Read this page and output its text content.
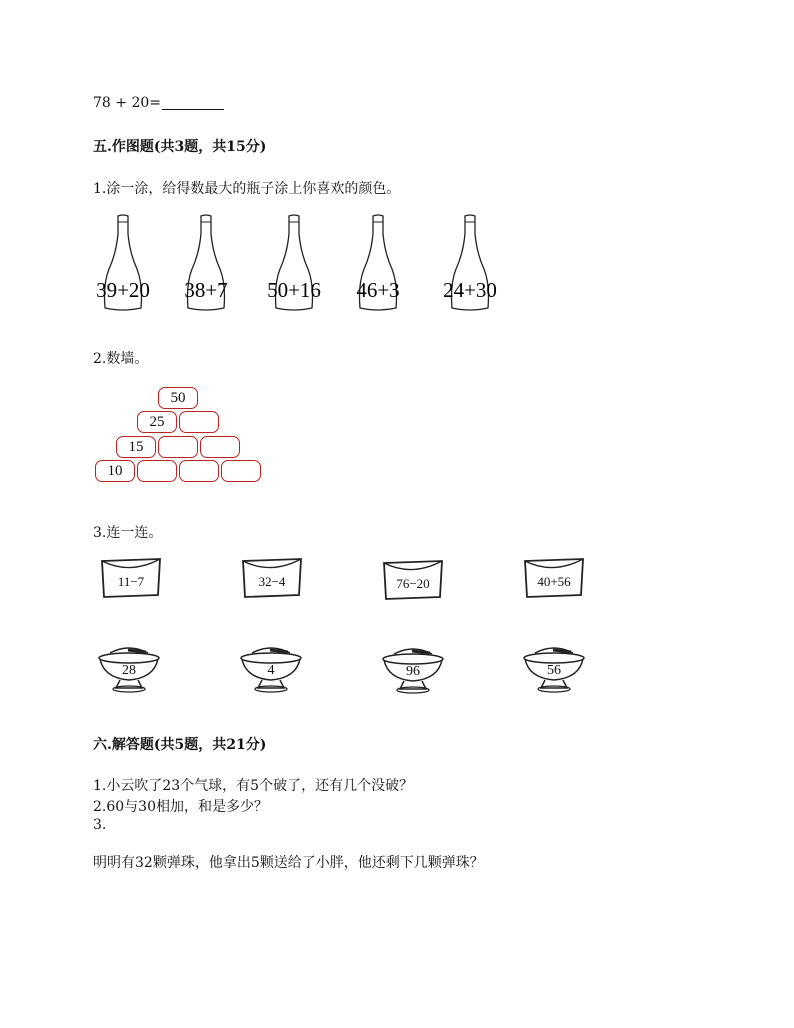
78 + 20=
五.作图题(共3题，共15分)
1.涂一涂，给得数最大的瓶子涂上你喜欢的颜色。
39+20	38+7	50+16	46+3	24+30
2.数墙。
50
25
15
10
3.连一连。
11−7	32−4	76−20	40+56
28	4	96	56
六.解答题(共5题，共21分)
1.小云吹了23个气球，有5个破了，还有几个没破？
2.60与30相加，和是多少？
3.
明明有32颗弹珠，他拿出5颗送给了小胖，他还剩下几颗弹珠？
